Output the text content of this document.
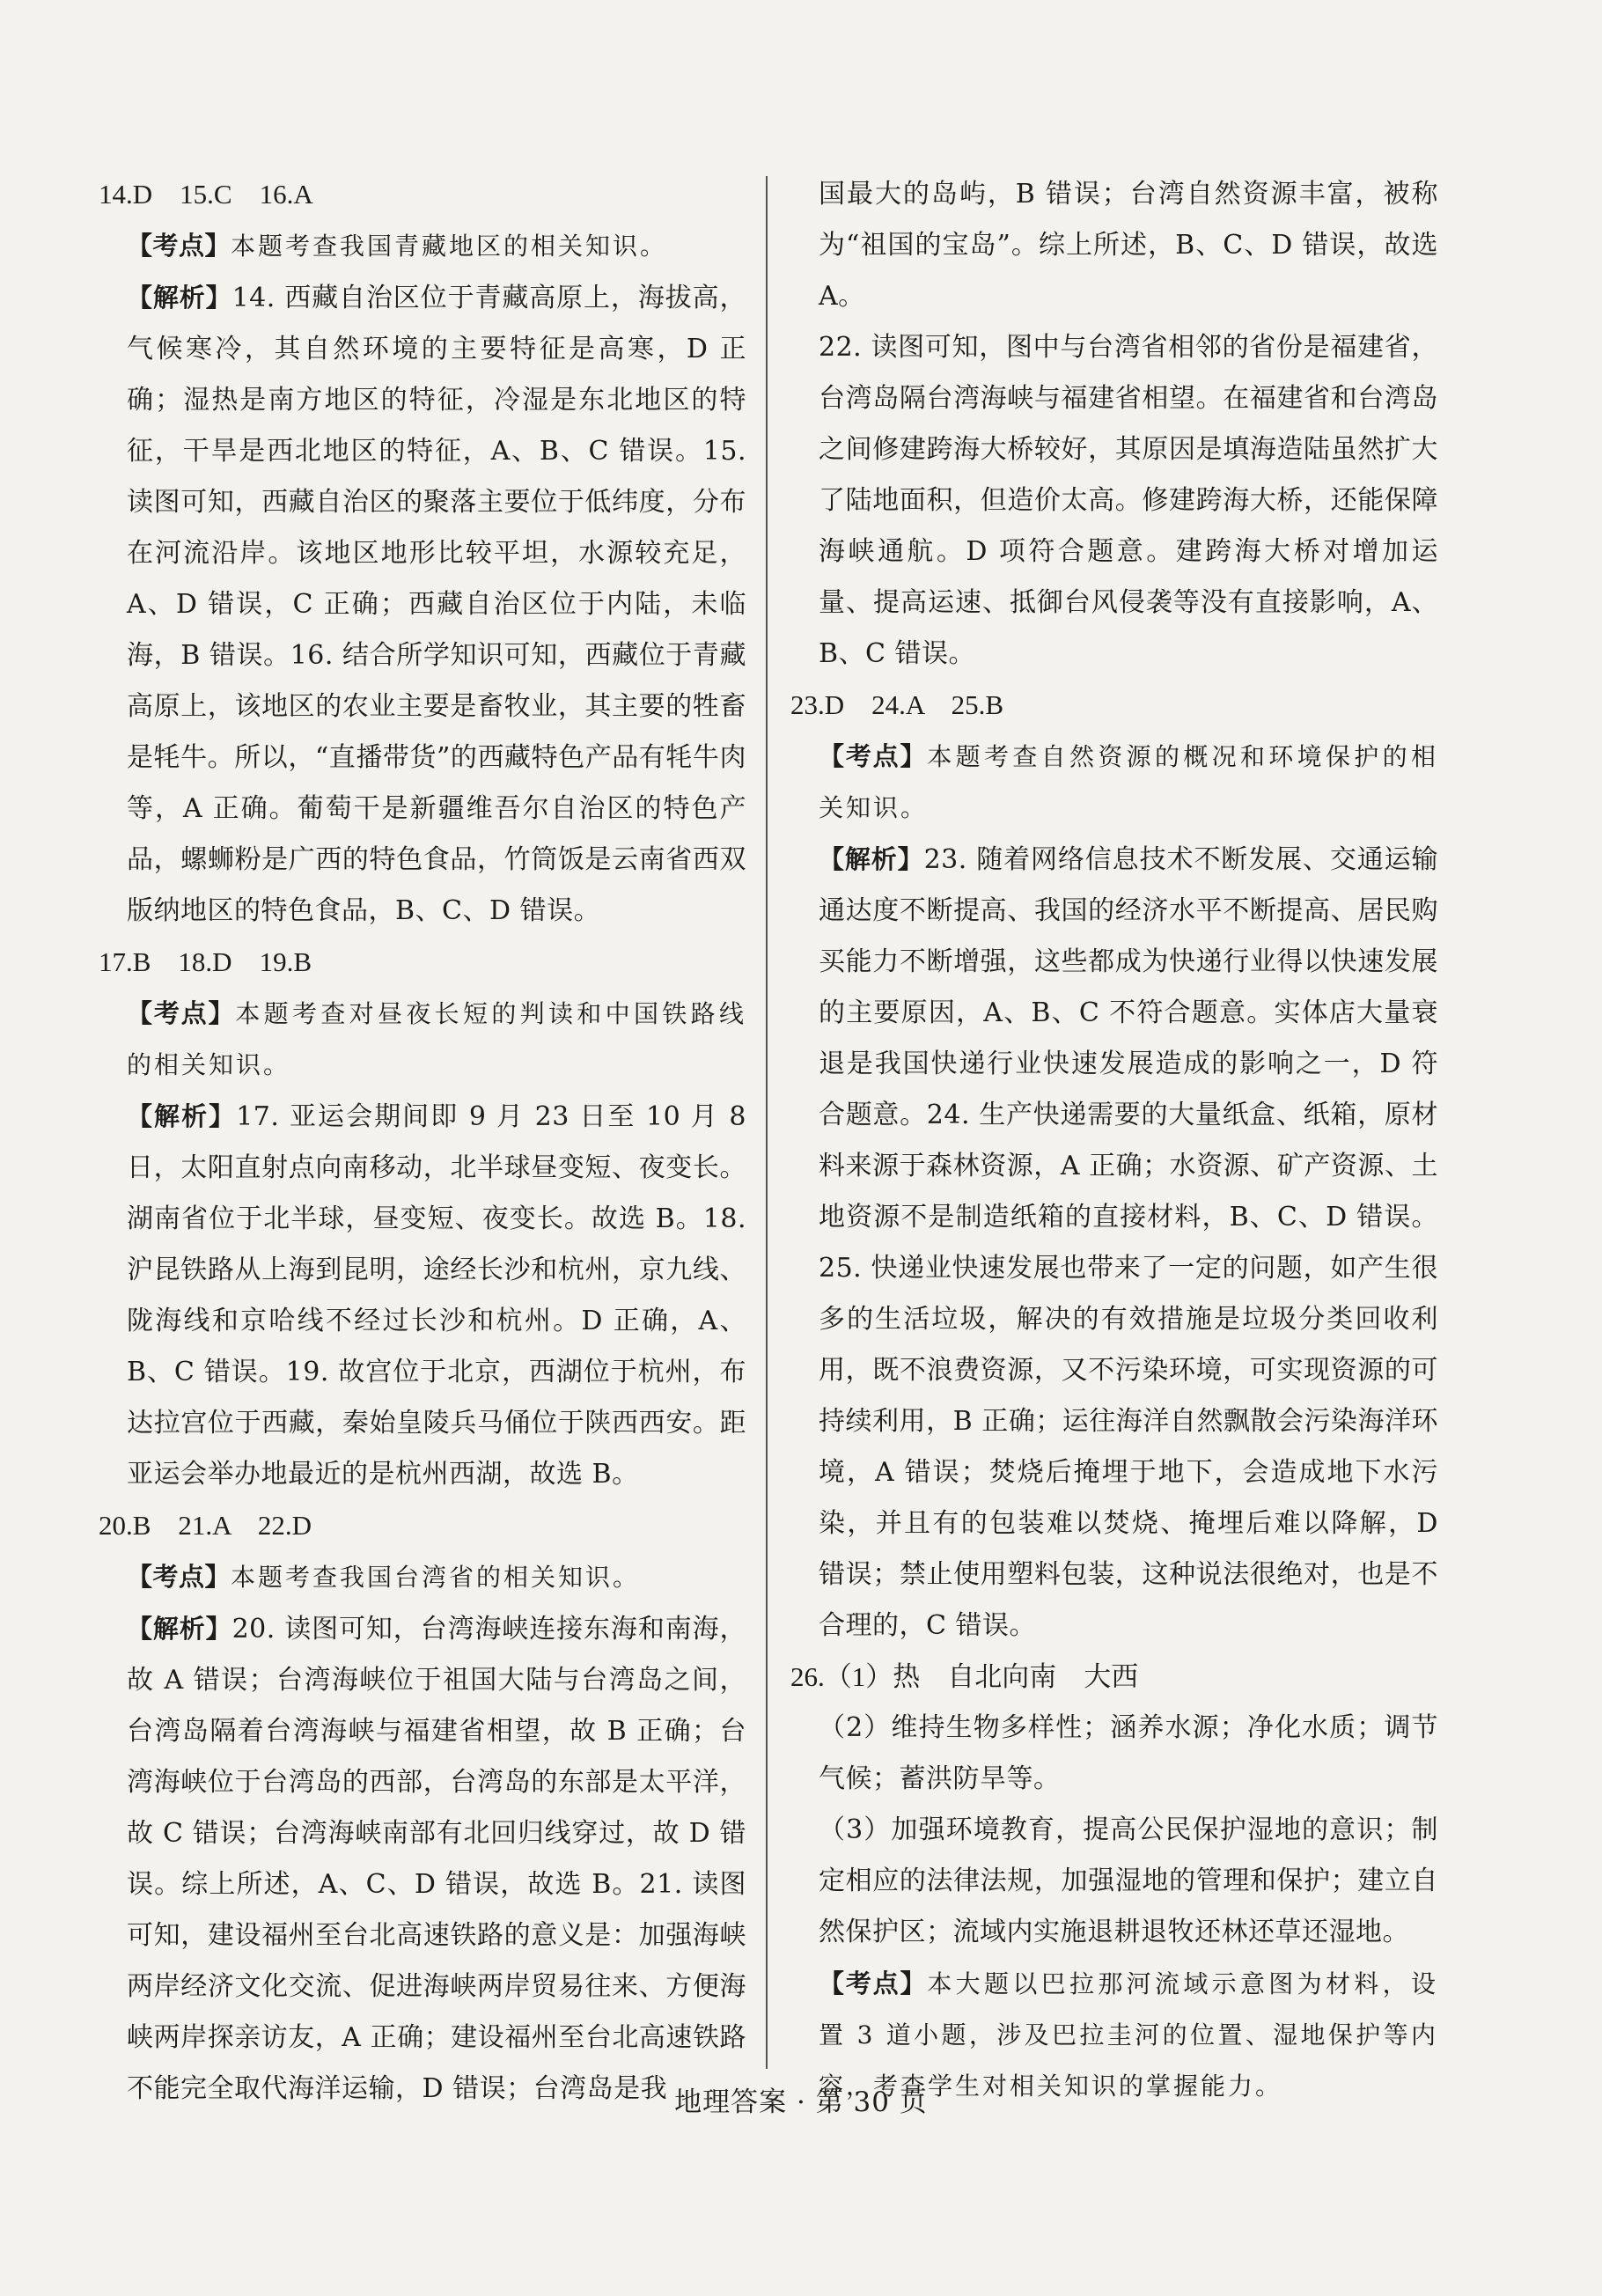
14.D　15.C　16.A

【考点】本题考查我国青藏地区的相关知识。

【解析】14. 西藏自治区位于青藏高原上，海拔高，气候寒冷，其自然环境的主要特征是高寒，D 正确；湿热是南方地区的特征，冷湿是东北地区的特征，干旱是西北地区的特征，A、B、C 错误。15. 读图可知，西藏自治区的聚落主要位于低纬度，分布在河流沿岸。该地区地形比较平坦，水源较充足，A、D 错误，C 正确；西藏自治区位于内陆，未临海，B 错误。16. 结合所学知识可知，西藏位于青藏高原上，该地区的农业主要是畜牧业，其主要的牲畜是牦牛。所以，“直播带货”的西藏特色产品有牦牛肉等，A 正确。葡萄干是新疆维吾尔自治区的特色产品，螺蛳粉是广西的特色食品，竹筒饭是云南省西双版纳地区的特色食品，B、C、D 错误。

17.B　18.D　19.B

【考点】本题考查对昼夜长短的判读和中国铁路线的相关知识。

【解析】17. 亚运会期间即 9 月 23 日至 10 月 8 日，太阳直射点向南移动，北半球昼变短、夜变长。湖南省位于北半球，昼变短、夜变长。故选 B。18. 沪昆铁路从上海到昆明，途经长沙和杭州，京九线、陇海线和京哈线不经过长沙和杭州。D 正确，A、B、C 错误。19. 故宫位于北京，西湖位于杭州，布达拉宫位于西藏，秦始皇陵兵马俑位于陕西西安。距亚运会举办地最近的是杭州西湖，故选 B。

20.B　21.A　22.D

【考点】本题考查我国台湾省的相关知识。

【解析】20. 读图可知，台湾海峡连接东海和南海，故 A 错误；台湾海峡位于祖国大陆与台湾岛之间，台湾岛隔着台湾海峡与福建省相望，故 B 正确；台湾海峡位于台湾岛的西部，台湾岛的东部是太平洋，故 C 错误；台湾海峡南部有北回归线穿过，故 D 错误。综上所述，A、C、D 错误，故选 B。21. 读图可知，建设福州至台北高速铁路的意义是：加强海峡两岸经济文化交流、促进海峡两岸贸易往来、方便海峡两岸探亲访友，A 正确；建设福州至台北高速铁路不能完全取代海洋运输，D 错误；台湾岛是我

国最大的岛屿，B 错误；台湾自然资源丰富，被称为“祖国的宝岛”。综上所述，B、C、D 错误，故选 A。

22. 读图可知，图中与台湾省相邻的省份是福建省，台湾岛隔台湾海峡与福建省相望。在福建省和台湾岛之间修建跨海大桥较好，其原因是填海造陆虽然扩大了陆地面积，但造价太高。修建跨海大桥，还能保障海峡通航。D 项符合题意。建跨海大桥对增加运量、提高运速、抵御台风侵袭等没有直接影响，A、B、C 错误。

23.D　24.A　25.B

【考点】本题考查自然资源的概况和环境保护的相关知识。

【解析】23. 随着网络信息技术不断发展、交通运输通达度不断提高、我国的经济水平不断提高、居民购买能力不断增强，这些都成为快递行业得以快速发展的主要原因，A、B、C 不符合题意。实体店大量衰退是我国快递行业快速发展造成的影响之一，D 符合题意。24. 生产快递需要的大量纸盒、纸箱，原材料来源于森林资源，A 正确；水资源、矿产资源、土地资源不是制造纸箱的直接材料，B、C、D 错误。25. 快递业快速发展也带来了一定的问题，如产生很多的生活垃圾，解决的有效措施是垃圾分类回收利用，既不浪费资源，又不污染环境，可实现资源的可持续利用，B 正确；运往海洋自然飘散会污染海洋环境，A 错误；焚烧后掩埋于地下，会造成地下水污染，并且有的包装难以焚烧、掩埋后难以降解，D 错误；禁止使用塑料包装，这种说法很绝对，也是不合理的，C 错误。

26.（1）热　自北向南　大西

（2）维持生物多样性；涵养水源；净化水质；调节气候；蓄洪防旱等。

（3）加强环境教育，提高公民保护湿地的意识；制定相应的法律法规，加强湿地的管理和保护；建立自然保护区；流域内实施退耕退牧还林还草还湿地。

【考点】本大题以巴拉那河流域示意图为材料，设置 3 道小题，涉及巴拉圭河的位置、湿地保护等内容，考查学生对相关知识的掌握能力。

地理答案 · 第 30 页
